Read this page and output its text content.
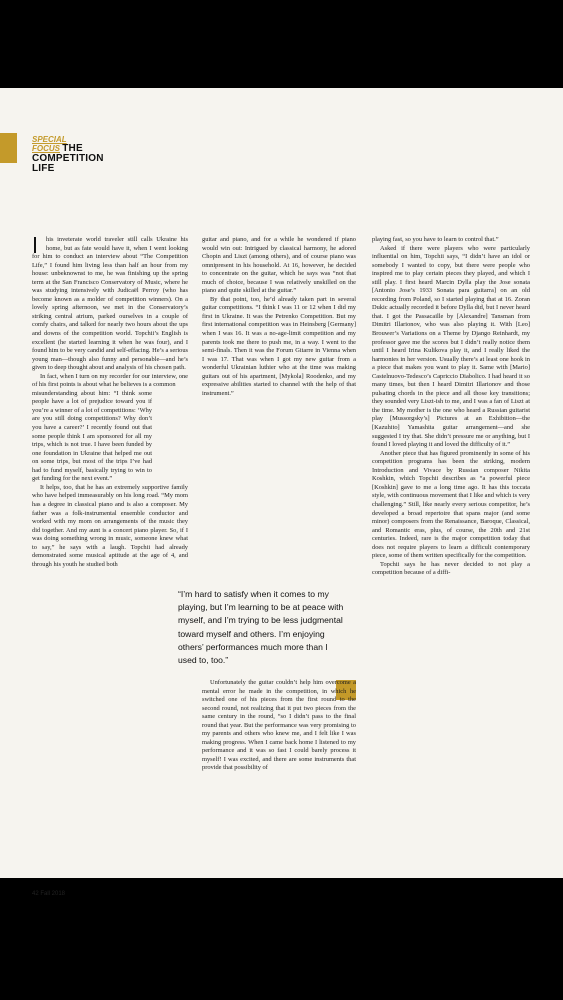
SPECIAL
FOCUS THE
COMPETITION
LIFE

his inveterate world traveler still calls Ukraine his home, but as fate would have it, when I went looking for him to conduct an interview about “The Competition Life,” I found him living less than half an hour from my house: unbeknownst to me, he was finishing up the spring term at the San Francisco Conservatory of Music, where he was studying intensively with Judicaël Perroy (who has become known as a molder of competition winners). On a lovely spring afternoon, we met in the Conservatory’s striking central atrium, parked ourselves in a couple of comfy chairs, and talked for nearly two hours about the ups and downs of the competition world. Topchii’s English is excellent (he started learning it when he was four), and I found him to be very candid and self-effacing. He’s a serious young man—though also funny and personable—and he’s given to deep thought about and analysis of his chosen path.

In fact, when I turn on my recorder for our interview, one of his first points is about what he believes is a common

misunderstanding about him: “I think some people have a lot of prejudice toward you if you’re a winner of a lot of competitions: ‘Why are you still doing competitions? Why don’t you have a career?’ I recently found out that some people think I am sponsored for all my trips, which is not true. I have been funded by one foundation in Ukraine that helped me out on some trips, but most of the trips I’ve had had to fund myself, basically trying to win to get funding for the next event.”

It helps, too, that he has an extremely supportive family who have helped immeasurably on his long road. “My mom has a degree in classical piano and is also a composer. My father was a folk-instrumental ensemble conductor and worked with my mom on arrangements of the music they did together. And my aunt is a concert piano player. So, if I was doing something wrong in music, someone knew what to say,” he says with a laugh. Topchii had already demonstrated some musical aptitude at the age of 4, and through his youth he studied both

guitar and piano, and for a while he wondered if piano would win out: Intrigued by classical harmony, he adored Chopin and Liszt (among others), and of course piano was omnipresent in his household. At 16, however, he decided to concentrate on the guitar, which he says was “not that much of choice, because I was relatively unskilled on the piano and quite skilled at the guitar.”

By that point, too, he’d already taken part in several guitar competitions. “I think I was 11 or 12 when I did my first in Ukraine. It was the Petrenko Competition. But my first international competition was in Heinsberg [Germany] when I was 16. It was a no-age-limit competition and my parents took me there to push me, in a way. I went to the semi-finals. Then it was the Forum Gitarre in Vienna when I was 17. That was when I got my new guitar from a wonderful Ukrainian luthier who at the time was making guitars out of his apartment, [Mykola] Roodenko, and my expressive abilities started to channel with the help of that instrument.”

“I’m hard to satisfy when it comes to my playing, but I’m learning to be at peace with myself, and I’m trying to be less judgmental toward myself and others. I’m enjoying others’ performances much more than I used to, too.”

Unfortunately the guitar couldn’t help him overcome a mental error he made in the competition, in which he switched one of his pieces from the first round to the second round, not realizing that it put two pieces from the same century in the round, “so I didn’t pass to the final round that year. But the performance was very promising to my parents and others who knew me, and I felt like I was making progress. When I came back home I listened to my performance and it was so fast I could barely process it myself! I was excited, and there are some instruments that provide that possibility of

playing fast, so you have to learn to control that.”

Asked if there were players who were particularly influential on him, Topchii says, “I didn’t have an idol or somebody I wanted to copy, but there were people who inspired me to play certain pieces they played, and which I still play. I first heard Marcin Dylla play the Jose sonata [Antonio Jose’s 1933 Sonata para guitarra] on an old recording from Poland, so I started playing that at 16. Zoran Dukic actually recorded it before Dylla did, but I never heard that. I got the Passacaille by [Alexandre] Tansman from Dimitri Illarionov, who was also playing it. With [Leo] Brouwer’s Variations on a Theme by Django Reinhardt, my professor gave me the scores but I didn’t really notice them until I heard Irina Kulikova play it, and I really liked the harmonies in her version. Usually there’s at least one hook in a piece that makes you want to play it. Same with [Mario] Castelnuovo-Tedesco’s Capriccio Diabolico. I had heard it so many times, but then I heard Dimitri Illarionov and those pulsating chords in the piece and all those key transitions; they sounded very Liszt-ish to me, and I was a fan of Liszt at the time. My mother is the one who heard a Russian guitarist play [Mussorgsky’s] Pictures at an Exhibition—the [Kazuhito] Yamashita guitar arrangement—and she suggested I try that. She didn’t pressure me or anything, but I found I loved playing it and loved the difficulty of it.”

Another piece that has figured prominently in some of his competition programs has been the striking, modern Introduction and Vivace by Russian composer Nikita Koshkin, which Topchii describes as “a powerful piece [Koshkin] gave to me a long time ago. It has this toccata style, with continuous movement that I like and which is very challenging.” Still, like nearly every serious competitor, he’s developed a broad repertoire that spans major (and some minor) composers from the Renaissance, Baroque, Classical, and Romantic eras, plus, of course, the 20th and 21st centuries. Indeed, rare is the major competition today that does not require players to learn a difficult contemporary piece, some of them written specifically for the competition.

Topchii says he has never decided to not play a competition because of a diffi-

42 Fall 2018
